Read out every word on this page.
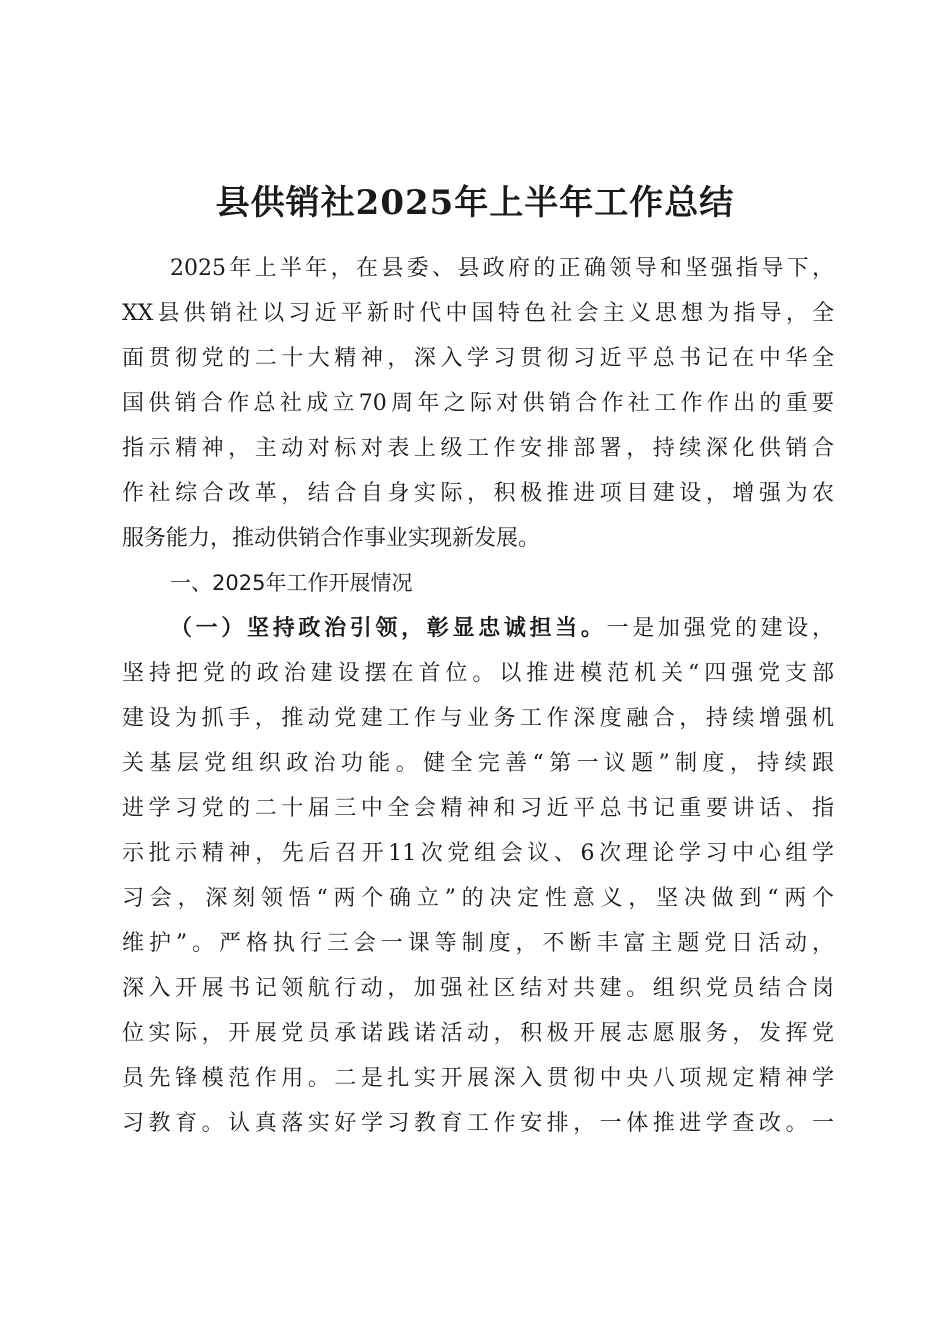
县供销社2025年上半年工作总结
2025年上半年，在县委、县政府的正确领导和坚强指导下，
XX县供销社以习近平新时代中国特色社会主义思想为指导，全
面贯彻党的二十大精神，深入学习贯彻习近平总书记在中华全
国供销合作总社成立70周年之际对供销合作社工作作出的重要
指示精神，主动对标对表上级工作安排部署，持续深化供销合
作社综合改革，结合自身实际，积极推进项目建设，增强为农
服务能力，推动供销合作事业实现新发展。
一、2025年工作开展情况
（一）坚持政治引领，彰显忠诚担当。一是加强党的建设，
坚持把党的政治建设摆在首位。以推进模范机关“四强党支部
建设为抓手，推动党建工作与业务工作深度融合，持续增强机
关基层党组织政治功能。健全完善“第一议题”制度，持续跟
进学习党的二十届三中全会精神和习近平总书记重要讲话、指
示批示精神，先后召开11次党组会议、6次理论学习中心组学
习会，深刻领悟“两个确立”的决定性意义，坚决做到“两个
维护”。严格执行三会一课等制度，不断丰富主题党日活动，
深入开展书记领航行动，加强社区结对共建。组织党员结合岗
位实际，开展党员承诺践诺活动，积极开展志愿服务，发挥党
员先锋模范作用。二是扎实开展深入贯彻中央八项规定精神学
习教育。认真落实好学习教育工作安排，一体推进学查改。一
